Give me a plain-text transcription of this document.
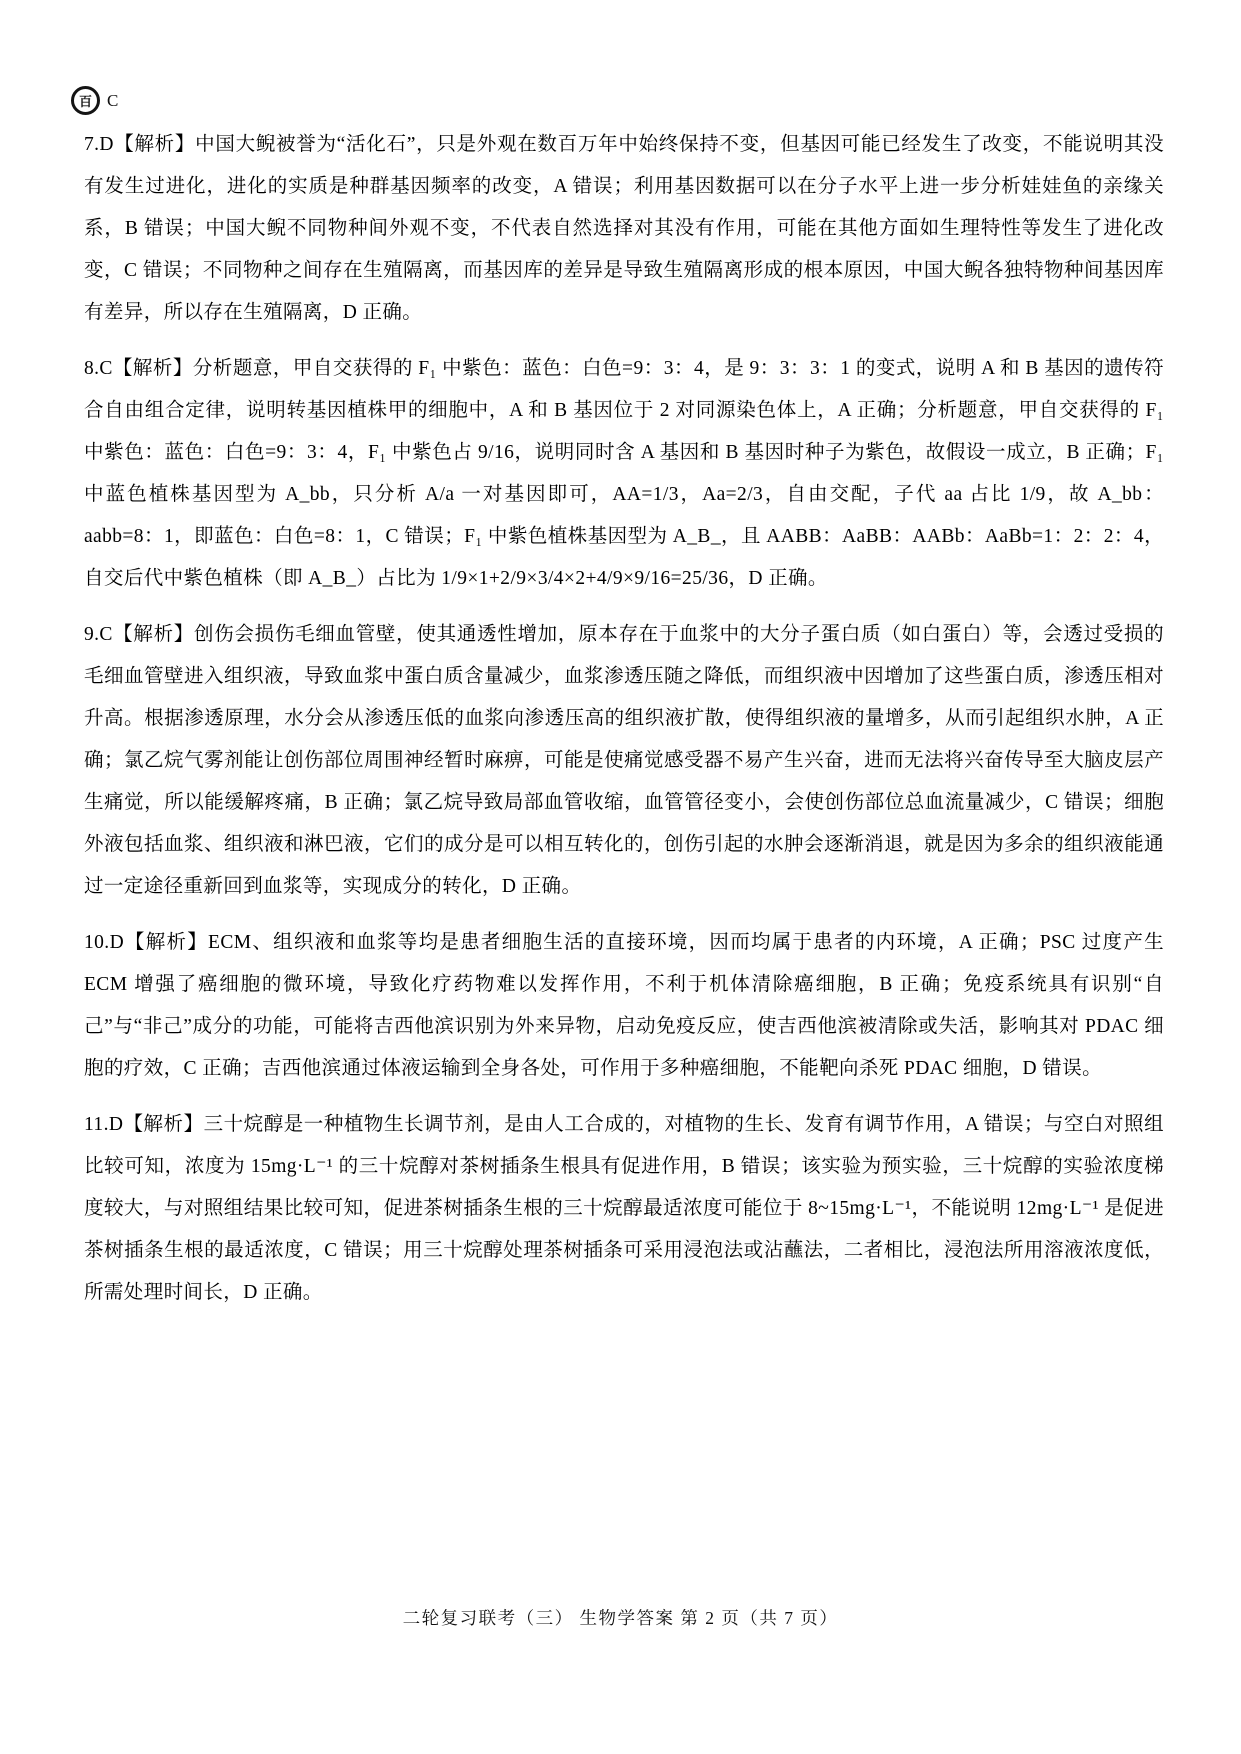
百 C

7.D【解析】中国大鲵被誉为“活化石”，只是外观在数百万年中始终保持不变，但基因可能已经发生了改变，不能说明其没有发生过进化，进化的实质是种群基因频率的改变，A 错误；利用基因数据可以在分子水平上进一步分析娃娃鱼的亲缘关系，B 错误；中国大鲵不同物种间外观不变，不代表自然选择对其没有作用，可能在其他方面如生理特性等发生了进化改变，C 错误；不同物种之间存在生殖隔离，而基因库的差异是导致生殖隔离形成的根本原因，中国大鲵各独特物种间基因库有差异，所以存在生殖隔离，D 正确。

8.C【解析】分析题意，甲自交获得的 F₁ 中紫色：蓝色：白色=9：3：4，是 9：3：3：1 的变式，说明 A 和 B 基因的遗传符合自由组合定律，说明转基因植株甲的细胞中，A 和 B 基因位于 2 对同源染色体上，A 正确；分析题意，甲自交获得的 F₁ 中紫色：蓝色：白色=9：3：4，F₁ 中紫色占 9/16，说明同时含 A 基因和 B 基因时种子为紫色，故假设一成立，B 正确；F₁ 中蓝色植株基因型为 A_bb，只分析 A/a 一对基因即可，AA=1/3，Aa=2/3，自由交配，子代 aa 占比 1/9，故 A_bb：aabb=8：1，即蓝色：白色=8：1，C 错误；F₁ 中紫色植株基因型为 A_B_，且 AABB：AaBB：AABb：AaBb=1：2：2：4，自交后代中紫色植株（即 A_B_）占比为 1/9×1+2/9×3/4×2+4/9×9/16=25/36，D 正确。

9.C【解析】创伤会损伤毛细血管壁，使其通透性增加，原本存在于血浆中的大分子蛋白质（如白蛋白）等，会透过受损的毛细血管壁进入组织液，导致血浆中蛋白质含量减少，血浆渗透压随之降低，而组织液中因增加了这些蛋白质，渗透压相对升高。根据渗透原理，水分会从渗透压低的血浆向渗透压高的组织液扩散，使得组织液的量增多，从而引起组织水肿，A 正确；氯乙烷气雾剂能让创伤部位周围神经暂时麻痹，可能是使痛觉感受器不易产生兴奋，进而无法将兴奋传导至大脑皮层产生痛觉，所以能缓解疼痛，B 正确；氯乙烷导致局部血管收缩，血管管径变小，会使创伤部位总血流量减少，C 错误；细胞外液包括血浆、组织液和淋巴液，它们的成分是可以相互转化的，创伤引起的水肿会逐渐消退，就是因为多余的组织液能通过一定途径重新回到血浆等，实现成分的转化，D 正确。

10.D【解析】ECM、组织液和血浆等均是患者细胞生活的直接环境，因而均属于患者的内环境，A 正确；PSC 过度产生 ECM 增强了癌细胞的微环境，导致化疗药物难以发挥作用，不利于机体清除癌细胞，B 正确；免疫系统具有识别“自己”与“非己”成分的功能，可能将吉西他滨识别为外来异物，启动免疫反应，使吉西他滨被清除或失活，影响其对 PDAC 细胞的疗效，C 正确；吉西他滨通过体液运输到全身各处，可作用于多种癌细胞，不能靶向杀死 PDAC 细胞，D 错误。

11.D【解析】三十烷醇是一种植物生长调节剂，是由人工合成的，对植物的生长、发育有调节作用，A 错误；与空白对照组比较可知，浓度为 15mg·L⁻¹ 的三十烷醇对茶树插条生根具有促进作用，B 错误；该实验为预实验，三十烷醇的实验浓度梯度较大，与对照组结果比较可知，促进茶树插条生根的三十烷醇最适浓度可能位于 8~15mg·L⁻¹，不能说明 12mg·L⁻¹ 是促进茶树插条生根的最适浓度，C 错误；用三十烷醇处理茶树插条可采用浸泡法或沾蘸法，二者相比，浸泡法所用溶液浓度低，所需处理时间长，D 正确。

二轮复习联考（三） 生物学答案 第 2 页（共 7 页）
